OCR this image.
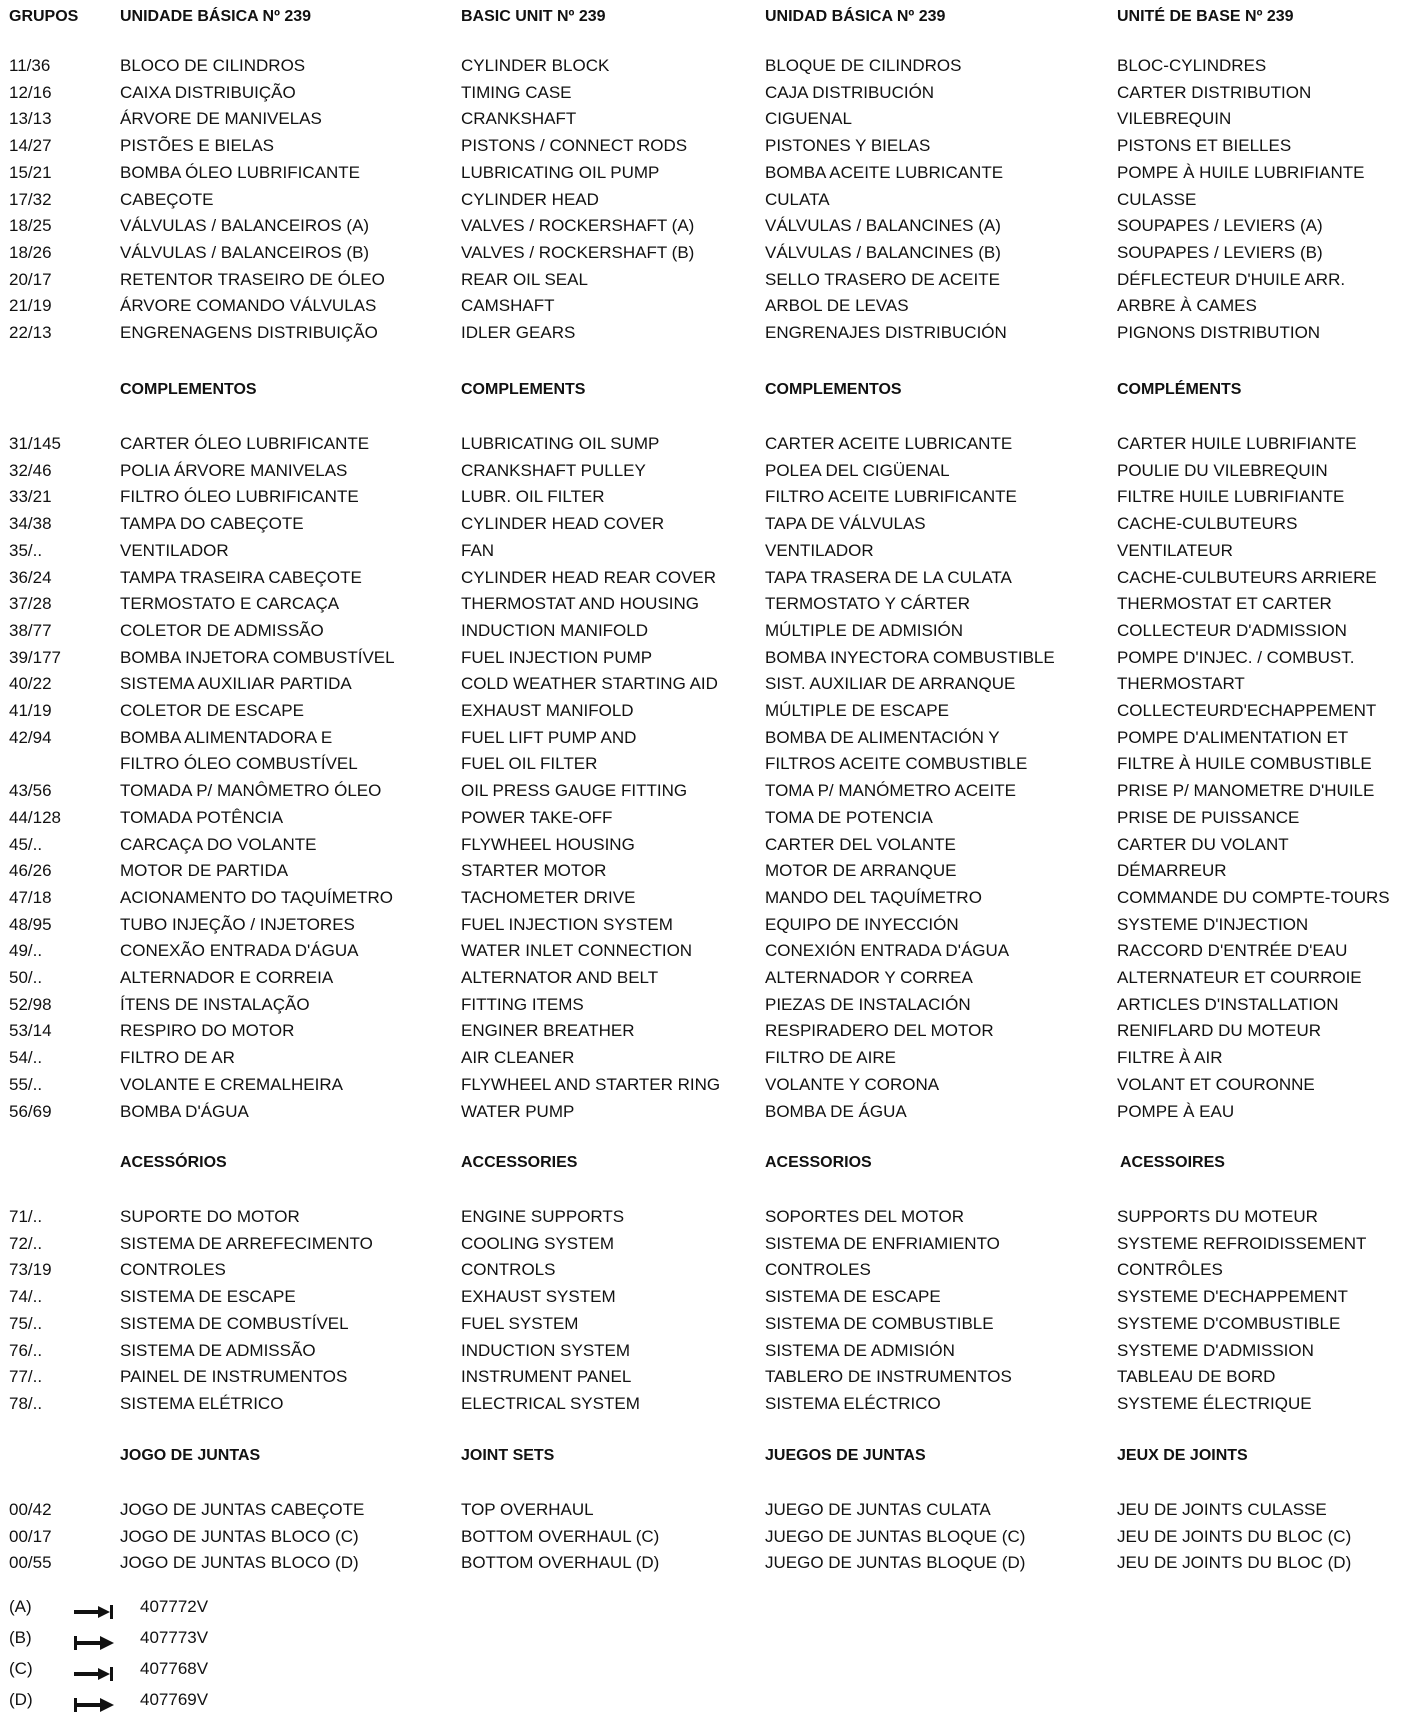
GRUPOS	UNIDADE BÁSICA Nº 239	BASIC UNIT Nº 239	UNIDAD BÁSICA Nº 239	UNITÉ DE BASE Nº 239
11/36	BLOCO DE CILINDROS	CYLINDER BLOCK	BLOQUE DE CILINDROS	BLOC-CYLINDRES
12/16	CAIXA DISTRIBUIÇÃO	TIMING CASE	CAJA DISTRIBUCIÓN	CARTER DISTRIBUTION
13/13	ÁRVORE DE MANIVELAS	CRANKSHAFT	CIGUENAL	VILEBREQUIN
14/27	PISTÕES E BIELAS	PISTONS / CONNECT RODS	PISTONES Y BIELAS	PISTONS ET BIELLES
15/21	BOMBA ÓLEO LUBRIFICANTE	LUBRICATING OIL PUMP	BOMBA ACEITE LUBRICANTE	POMPE À HUILE LUBRIFIANTE
17/32	CABEÇOTE	CYLINDER HEAD	CULATA	CULASSE
18/25	VÁLVULAS / BALANCEIROS (A)	VALVES / ROCKERSHAFT (A)	VÁLVULAS / BALANCINES (A)	SOUPAPES / LEVIERS (A)
18/26	VÁLVULAS / BALANCEIROS (B)	VALVES / ROCKERSHAFT (B)	VÁLVULAS / BALANCINES (B)	SOUPAPES / LEVIERS (B)
20/17	RETENTOR TRASEIRO DE ÓLEO	REAR OIL SEAL	SELLO TRASERO DE ACEITE	DÉFLECTEUR D'HUILE ARR.
21/19	ÁRVORE COMANDO VÁLVULAS	CAMSHAFT	ARBOL DE LEVAS	ARBRE À CAMES
22/13	ENGRENAGENS DISTRIBUIÇÃO	IDLER GEARS	ENGRENAJES DISTRIBUCIÓN	PIGNONS DISTRIBUTION
COMPLEMENTOS	COMPLEMENTS	COMPLEMENTOS	COMPLÉMENTS
31/145	CARTER ÓLEO LUBRIFICANTE	LUBRICATING OIL SUMP	CARTER ACEITE LUBRICANTE	CARTER HUILE LUBRIFIANTE
32/46	POLIA ÁRVORE MANIVELAS	CRANKSHAFT PULLEY	POLEA DEL CIGÜENAL	POULIE DU VILEBREQUIN
33/21	FILTRO ÓLEO LUBRIFICANTE	LUBR. OIL FILTER	FILTRO ACEITE LUBRIFICANTE	FILTRE HUILE LUBRIFIANTE
34/38	TAMPA DO CABEÇOTE	CYLINDER HEAD COVER	TAPA DE VÁLVULAS	CACHE-CULBUTEURS
35/..	VENTILADOR	FAN	VENTILADOR	VENTILATEUR
36/24	TAMPA TRASEIRA CABEÇOTE	CYLINDER HEAD REAR COVER	TAPA TRASERA DE LA CULATA	CACHE-CULBUTEURS ARRIERE
37/28	TERMOSTATO E CARCAÇA	THERMOSTAT AND HOUSING	TERMOSTATO Y CÁRTER	THERMOSTAT ET CARTER
38/77	COLETOR DE ADMISSÃO	INDUCTION MANIFOLD	MÚLTIPLE DE ADMISIÓN	COLLECTEUR D'ADMISSION
39/177	BOMBA INJETORA COMBUSTÍVEL	FUEL INJECTION PUMP	BOMBA INYECTORA COMBUSTIBLE	POMPE D'INJEC. / COMBUST.
40/22	SISTEMA AUXILIAR PARTIDA	COLD WEATHER STARTING AID	SIST. AUXILIAR DE ARRANQUE	THERMOSTART
41/19	COLETOR DE ESCAPE	EXHAUST MANIFOLD	MÚLTIPLE DE ESCAPE	COLLECTEURD'ECHAPPEMENT
42/94	BOMBA ALIMENTADORA E	FUEL LIFT PUMP AND	BOMBA DE ALIMENTACIÓN Y	POMPE D'ALIMENTATION ET
FILTRO ÓLEO COMBUSTÍVEL	FUEL OIL FILTER	FILTROS ACEITE COMBUSTIBLE	FILTRE À HUILE COMBUSTIBLE
43/56	TOMADA P/ MANÔMETRO ÓLEO	OIL PRESS GAUGE FITTING	TOMA P/ MANÓMETRO ACEITE	PRISE P/ MANOMETRE D'HUILE
44/128	TOMADA POTÊNCIA	POWER TAKE-OFF	TOMA DE POTENCIA	PRISE DE PUISSANCE
45/..	CARCAÇA DO VOLANTE	FLYWHEEL HOUSING	CARTER DEL VOLANTE	CARTER DU VOLANT
46/26	MOTOR DE PARTIDA	STARTER MOTOR	MOTOR DE ARRANQUE	DÉMARREUR
47/18	ACIONAMENTO DO TAQUÍMETRO	TACHOMETER DRIVE	MANDO DEL TAQUÍMETRO	COMMANDE DU COMPTE-TOURS
48/95	TUBO INJEÇÃO / INJETORES	FUEL INJECTION SYSTEM	EQUIPO DE INYECCIÓN	SYSTEME D'INJECTION
49/..	CONEXÃO ENTRADA D'ÁGUA	WATER INLET CONNECTION	CONEXIÓN ENTRADA D'ÁGUA	RACCORD D'ENTRÉE D'EAU
50/..	ALTERNADOR E CORREIA	ALTERNATOR AND BELT	ALTERNADOR Y CORREA	ALTERNATEUR ET COURROIE
52/98	ÍTENS DE INSTALAÇÃO	FITTING ITEMS	PIEZAS DE INSTALACIÓN	ARTICLES D'INSTALLATION
53/14	RESPIRO DO MOTOR	ENGINER BREATHER	RESPIRADERO DEL MOTOR	RENIFLARD DU MOTEUR
54/..	FILTRO DE AR	AIR CLEANER	FILTRO DE AIRE	FILTRE À AIR
55/..	VOLANTE E CREMALHEIRA	FLYWHEEL AND STARTER RING	VOLANTE Y CORONA	VOLANT ET COURONNE
56/69	BOMBA D'ÁGUA	WATER PUMP	BOMBA DE ÁGUA	POMPE À EAU
ACESSÓRIOS	ACCESSORIES	ACESSORIOS	ACESSOIRES
71/..	SUPORTE DO MOTOR	ENGINE SUPPORTS	SOPORTES DEL MOTOR	SUPPORTS DU MOTEUR
72/..	SISTEMA DE ARREFECIMENTO	COOLING SYSTEM	SISTEMA DE ENFRIAMIENTO	SYSTEME REFROIDISSEMENT
73/19	CONTROLES	CONTROLS	CONTROLES	CONTRÔLES
74/..	SISTEMA DE ESCAPE	EXHAUST SYSTEM	SISTEMA DE ESCAPE	SYSTEME D'ECHAPPEMENT
75/..	SISTEMA DE COMBUSTÍVEL	FUEL SYSTEM	SISTEMA DE COMBUSTIBLE	SYSTEME D'COMBUSTIBLE
76/..	SISTEMA DE ADMISSÃO	INDUCTION SYSTEM	SISTEMA DE ADMISIÓN	SYSTEME D'ADMISSION
77/..	PAINEL DE INSTRUMENTOS	INSTRUMENT PANEL	TABLERO DE INSTRUMENTOS	TABLEAU DE BORD
78/..	SISTEMA ELÉTRICO	ELECTRICAL SYSTEM	SISTEMA ELÉCTRICO	SYSTEME ÉLECTRIQUE
JOGO DE JUNTAS	JOINT SETS	JUEGOS DE JUNTAS	JEUX DE JOINTS
00/42	JOGO DE JUNTAS CABEÇOTE	TOP OVERHAUL	JUEGO DE JUNTAS CULATA	JEU DE JOINTS CULASSE
00/17	JOGO DE JUNTAS BLOCO (C)	BOTTOM OVERHAUL (C)	JUEGO DE JUNTAS BLOQUE (C)	JEU DE JOINTS DU BLOC (C)
00/55	JOGO DE JUNTAS BLOCO (D)	BOTTOM OVERHAUL (D)	JUEGO DE JUNTAS BLOQUE (D)	JEU DE JOINTS DU BLOC (D)
(A)	407772V
(B)	407773V
(C)	407768V
(D)	407769V
